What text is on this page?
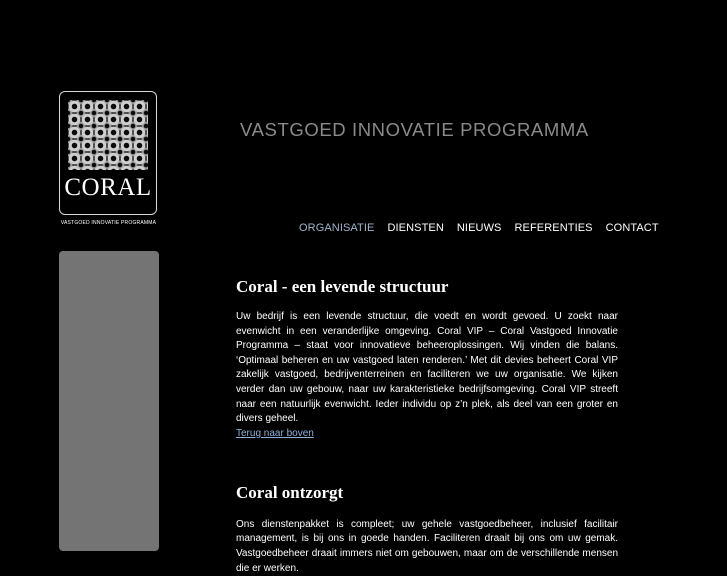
CORAL
VASTGOED INNOVATIE PROGRAMMA
VASTGOED INNOVATIE PROGRAMMA
ORGANISATIE DIENSTEN NIEUWS REFERENTIES CONTACT
Coral - een levende structuur

Uw bedrijf is een levende structuur, die voedt en wordt gevoed. U zoekt naar evenwicht in een veranderlijke omgeving. Coral VIP – Coral Vastgoed Innovatie Programma – staat voor innovatieve beheeroplossingen. Wij vinden die balans. ‘Optimaal beheren en uw vastgoed laten renderen.’ Met dit devies beheert Coral VIP zakelijk vastgoed, bedrijventerreinen en faciliteren we uw organisatie. We kijken verder dan uw gebouw, naar uw karakteristieke bedrijfsomgeving. Coral VIP streeft naar een natuurlijk evenwicht. Ieder individu op z’n plek, als deel van een groter en divers geheel.

Terug naar boven
Coral ontzorgt

Ons dienstenpakket is compleet; uw gehele vastgoedbeheer, inclusief facilitair management, is bij ons in goede handen. Faciliteren draait bij ons om uw gemak. Vastgoedbeheer draait immers niet om gebouwen, maar om de verschillende mensen die er werken.
